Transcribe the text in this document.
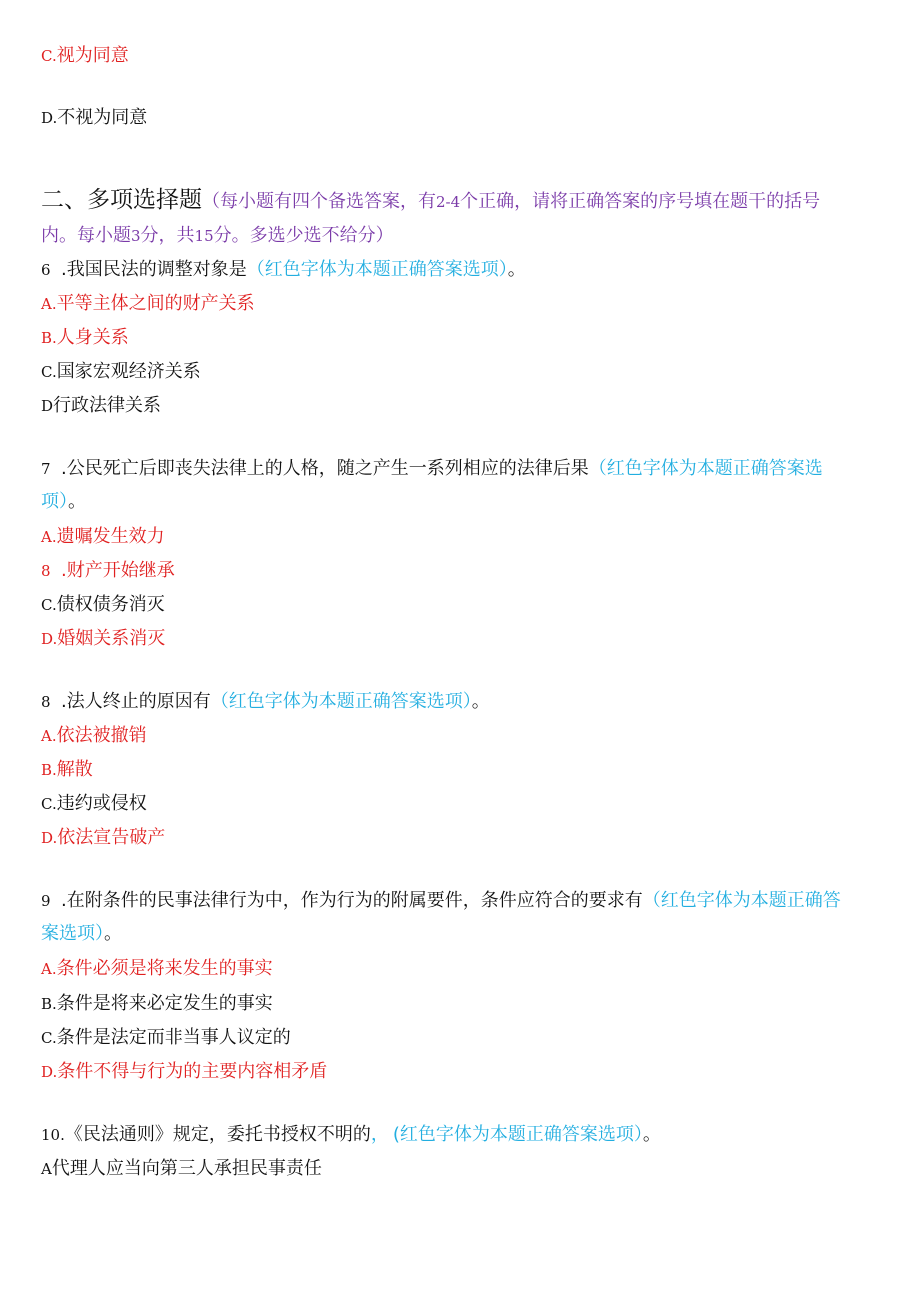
C.视为同意
D.不视为同意
二、多项选择题（每小题有四个备选答案，有2-4个正确，请将正确答案的序号填在题干的括号
内。每小题3分，共15分。多选少选不给分）
6 .我国民法的调整对象是（红色字体为本题正确答案选项）。
A.平等主体之间的财产关系
B.人身关系
C.国家宏观经济关系
D行政法律关系
7 .公民死亡后即丧失法律上的人格，随之产生一系列相应的法律后果（红色字体为本题正确答案选
项）。
A.遗嘱发生效力
8 .财产开始继承
C.债权债务消灭
D.婚姻关系消灭
8 .法人终止的原因有（红色字体为本题正确答案选项）。
A.依法被撤销
B.解散
C.违约或侵权
D.依法宣告破产
9 .在附条件的民事法律行为中，作为行为的附属要件，条件应符合的要求有（红色字体为本题正确答
案选项）。
A.条件必须是将来发生的事实
B.条件是将来必定发生的事实
C.条件是法定而非当事人议定的
D.条件不得与行为的主要内容相矛盾
10.《民法通则》规定，委托书授权不明的， (红色字体为本题正确答案选项）。
A代理人应当向第三人承担民事责任
